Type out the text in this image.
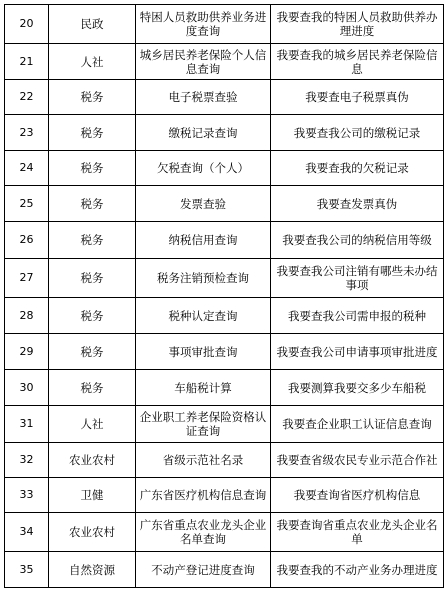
20	民政	特困人员救助供养业务进度查询	我要查我的特困人员救助供养办理进度
21	人社	城乡居民养老保险个人信息查询	我要查我的城乡居民养老保险信息
22	税务	电子税票查验	我要查电子税票真伪
23	税务	缴税记录查询	我要查我公司的缴税记录
24	税务	欠税查询（个人）	我要查我的欠税记录
25	税务	发票查验	我要查发票真伪
26	税务	纳税信用查询	我要查我公司的纳税信用等级
27	税务	税务注销预检查询	我要查我公司注销有哪些未办结事项
28	税务	税种认定查询	我要查我公司需申报的税种
29	税务	事项审批查询	我要查我公司申请事项审批进度
30	税务	车船税计算	我要测算我要交多少车船税
31	人社	企业职工养老保险资格认证查询	我要查企业职工认证信息查询
32	农业农村	省级示范社名录	我要查省级农民专业示范合作社
33	卫健	广东省医疗机构信息查询	我要查询省医疗机构信息
34	农业农村	广东省重点农业龙头企业名单查询	我要查询省重点农业龙头企业名单
35	自然资源	不动产登记进度查询	我要查我的不动产业务办理进度
